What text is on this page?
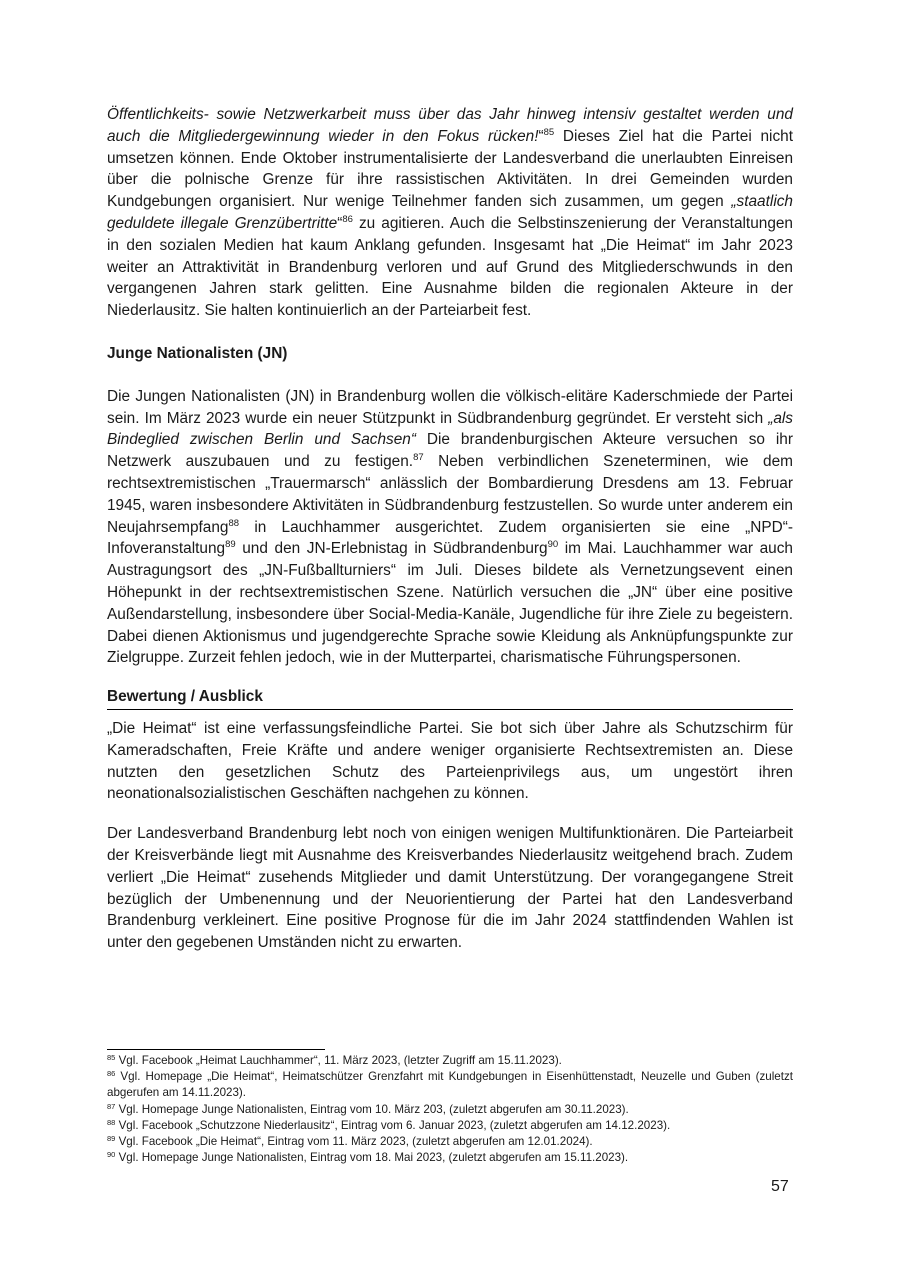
Öffentlichkeits- sowie Netzwerkarbeit muss über das Jahr hinweg intensiv gestaltet werden und auch die Mitgliedergewinnung wieder in den Fokus rücken!“$^{85}$ Dieses Ziel hat die Partei nicht umsetzen können. Ende Oktober instrumentalisierte der Landesverband die unerlaubten Einreisen über die polnische Grenze für ihre rassistischen Aktivitäten. In drei Gemeinden wurden Kundgebungen organisiert. Nur wenige Teilnehmer fanden sich zusammen, um gegen „staatlich geduldete illegale Grenzübertritte“$^{86}$ zu agitieren. Auch die Selbstinszenierung der Veranstaltungen in den sozialen Medien hat kaum Anklang gefunden. Insgesamt hat „Die Heimat“ im Jahr 2023 weiter an Attraktivität in Brandenburg verloren und auf Grund des Mitgliederschwunds in den vergangenen Jahren stark gelitten. Eine Ausnahme bilden die regionalen Akteure in der Niederlausitz. Sie halten kontinuierlich an der Parteiarbeit fest.

Junge Nationalisten (JN)

Die Jungen Nationalisten (JN) in Brandenburg wollen die völkisch-elitäre Kaderschmiede der Partei sein. Im März 2023 wurde ein neuer Stützpunkt in Südbrandenburg gegründet. Er versteht sich „als Bindeglied zwischen Berlin und Sachsen“ Die brandenburgischen Akteure versuchen so ihr Netzwerk auszubauen und zu festigen.$^{87}$ Neben verbindlichen Szeneterminen, wie dem rechtsextremistischen „Trauermarsch“ anlässlich der Bombardierung Dresdens am 13. Februar 1945, waren insbesondere Aktivitäten in Südbrandenburg festzustellen. So wurde unter anderem ein Neujahrsempfang$^{88}$ in Lauchhammer ausgerichtet. Zudem organisierten sie eine „NPD“-Infoveranstaltung$^{89}$ und den JN-Erlebnistag in Südbrandenburg$^{90}$ im Mai. Lauchhammer war auch Austragungsort des „JN-Fußballturniers“ im Juli. Dieses bildete als Vernetzungsevent einen Höhepunkt in der rechtsextremistischen Szene. Natürlich versuchen die „JN“ über eine positive Außendarstellung, insbesondere über Social-Media-Kanäle, Jugendliche für ihre Ziele zu begeistern. Dabei dienen Aktionismus und jugendgerechte Sprache sowie Kleidung als Anknüpfungspunkte zur Zielgruppe. Zurzeit fehlen jedoch, wie in der Mutterpartei, charismatische Führungspersonen.

Bewertung / Ausblick

„Die Heimat“ ist eine verfassungsfeindliche Partei. Sie bot sich über Jahre als Schutzschirm für Kameradschaften, Freie Kräfte und andere weniger organisierte Rechtsextremisten an. Diese nutzten den gesetzlichen Schutz des Parteienprivilegs aus, um ungestört ihren neonationalsozialistischen Geschäften nachgehen zu können.

Der Landesverband Brandenburg lebt noch von einigen wenigen Multifunktionären. Die Parteiarbeit der Kreisverbände liegt mit Ausnahme des Kreisverbandes Niederlausitz weitgehend brach. Zudem verliert „Die Heimat“ zusehends Mitglieder und damit Unterstützung. Der vorangegangene Streit bezüglich der Umbenennung und der Neuorientierung der Partei hat den Landesverband Brandenburg verkleinert. Eine positive Prognose für die im Jahr 2024 stattfindenden Wahlen ist unter den gegebenen Umständen nicht zu erwarten.

$^{85}$ Vgl. Facebook „Heimat Lauchhammer“, 11. März 2023, (letzter Zugriff am 15.11.2023).

$^{86}$ Vgl. Homepage „Die Heimat“, Heimatschützer Grenzfahrt mit Kundgebungen in Eisenhüttenstadt, Neuzelle und Guben (zuletzt abgerufen am 14.11.2023).

$^{87}$ Vgl. Homepage Junge Nationalisten, Eintrag vom 10. März 203, (zuletzt abgerufen am 30.11.2023).

$^{88}$ Vgl. Facebook „Schutzzone Niederlausitz“, Eintrag vom 6. Januar 2023, (zuletzt abgerufen am 14.12.2023).

$^{89}$ Vgl. Facebook „Die Heimat“, Eintrag vom 11. März 2023, (zuletzt abgerufen am 12.01.2024).

$^{90}$ Vgl. Homepage Junge Nationalisten, Eintrag vom 18. Mai 2023, (zuletzt abgerufen am 15.11.2023).

57
